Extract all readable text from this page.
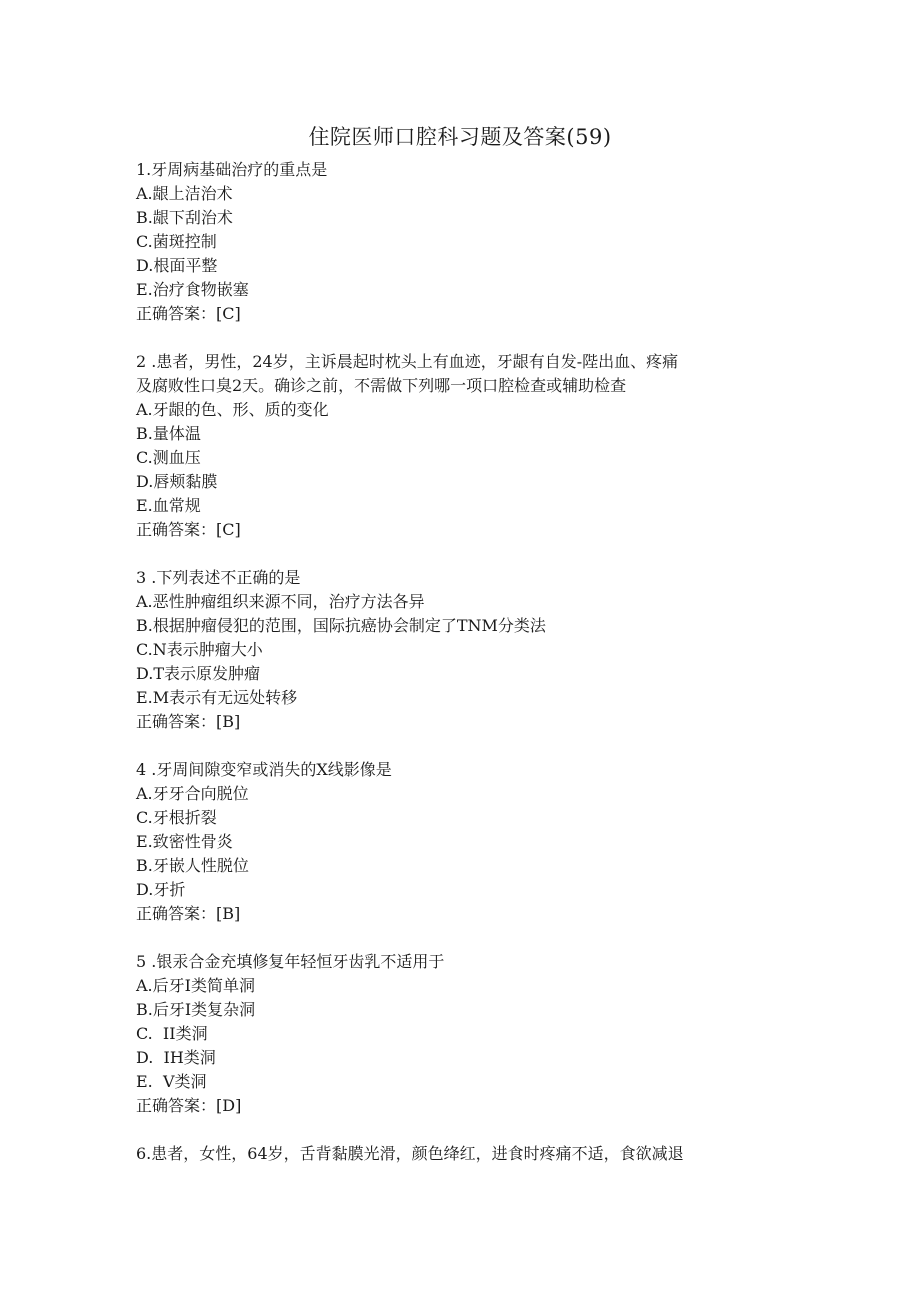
住院医师口腔科习题及答案(59)
1.牙周病基础治疗的重点是
A.龈上洁治术
B.龈下刮治术
C.菌斑控制
D.根面平整
E.治疗食物嵌塞
正确答案：[C]
2 .患者，男性，24岁，主诉晨起时枕头上有血迹，牙龈有自发-陛出血、疼痛
及腐败性口臭2天。确诊之前，不需做下列哪一项口腔检查或辅助检查
A.牙龈的色、形、质的变化
B.量体温
C.测血压
D.唇颊黏膜
E.血常规
正确答案：[C]
3 .下列表述不正确的是
A.恶性肿瘤组织来源不同，治疗方法各异
B.根据肿瘤侵犯的范围，国际抗癌协会制定了TNM分类法
C.N表示肿瘤大小
D.T表示原发肿瘤
E.M表示有无远处转移
正确答案：[B]
4 .牙周间隙变窄或消失的X线影像是
A.牙牙合向脱位
C.牙根折裂
E.致密性骨炎
B.牙嵌人性脱位
D.牙折
正确答案：[B]
5 .银汞合金充填修复年轻恒牙齿乳不适用于
A.后牙I类简单洞
B.后牙I类复杂洞
C.  II类洞
D.  IH类洞
E.  V类洞
正确答案：[D]
6.患者，女性，64岁，舌背黏膜光滑，颜色绛红，进食时疼痛不适，食欲减退
